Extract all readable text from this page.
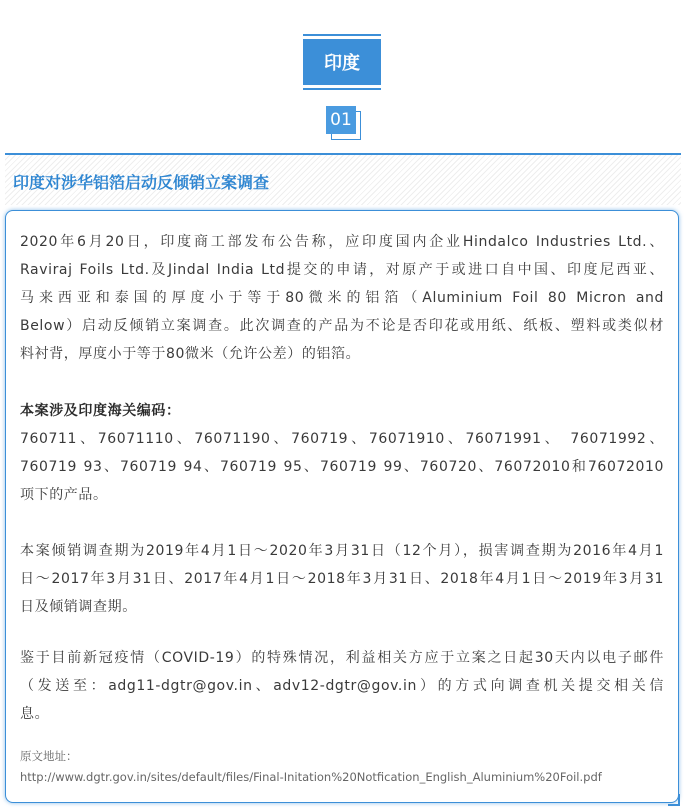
印度
01
印度对涉华铝箔启动反倾销立案调查
2020年6月20日，印度商工部发布公告称，应印度国内企业Hindalco Industries Ltd.、
Raviraj Foils Ltd.及Jindal India Ltd提交的申请，对原产于或进口自中国、印度尼西亚、
马来西亚和泰国的厚度小于等于80微米的铝箔（Aluminium Foil 80 Micron and
Below）启动反倾销立案调查。此次调查的产品为不论是否印花或用纸、纸板、塑料或类似材
料衬背，厚度小于等于80微米（允许公差）的铝箔。
本案涉及印度海关编码：
760711、76071110、76071190、760719、76071910、76071991、 76071992、
760719 93、760719 94、760719 95、760719 99、760720、76072010和76072010
项下的产品。
本案倾销调查期为2019年4月1日～2020年3月31日（12个月），损害调查期为2016年4月1
日～2017年3月31日、2017年4月1日～2018年3月31日、2018年4月1日～2019年3月31
日及倾销调查期。
鉴于目前新冠疫情（COVID-19）的特殊情况，利益相关方应于立案之日起30天内以电子邮件
（发送至：adg11-dgtr@gov.in、adv12-dgtr@gov.in）的方式向调查机关提交相关信
息。
原文地址：
http://www.dgtr.gov.in/sites/default/files/Final-Initation%20Notfication_English_Aluminium%20Foil.pdf
